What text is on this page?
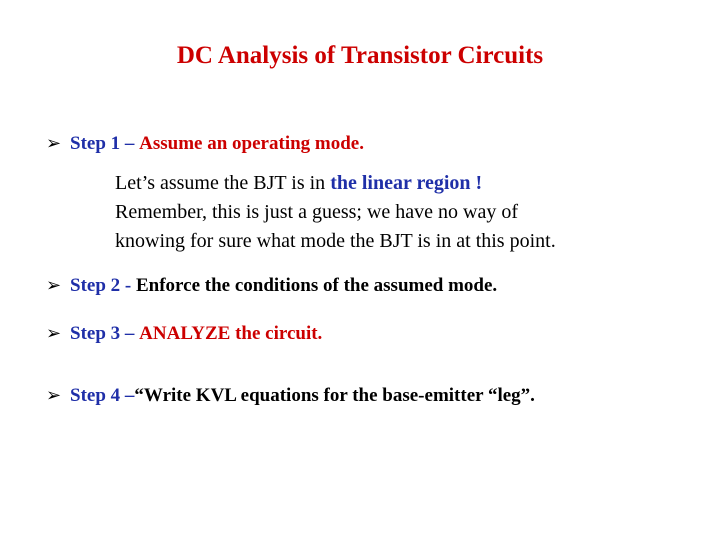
DC Analysis of Transistor Circuits
➢ Step 1 – Assume an operating mode.
Let’s assume the BJT is in the linear region !
Remember, this is just a guess; we have no way of
knowing for sure what mode the BJT is in at this point.
➢ Step 2 - Enforce the conditions of the assumed mode.
➢ Step 3 – ANALYZE the circuit.
➢ Step 4 – “Write KVL equations for the base-emitter “leg”.
